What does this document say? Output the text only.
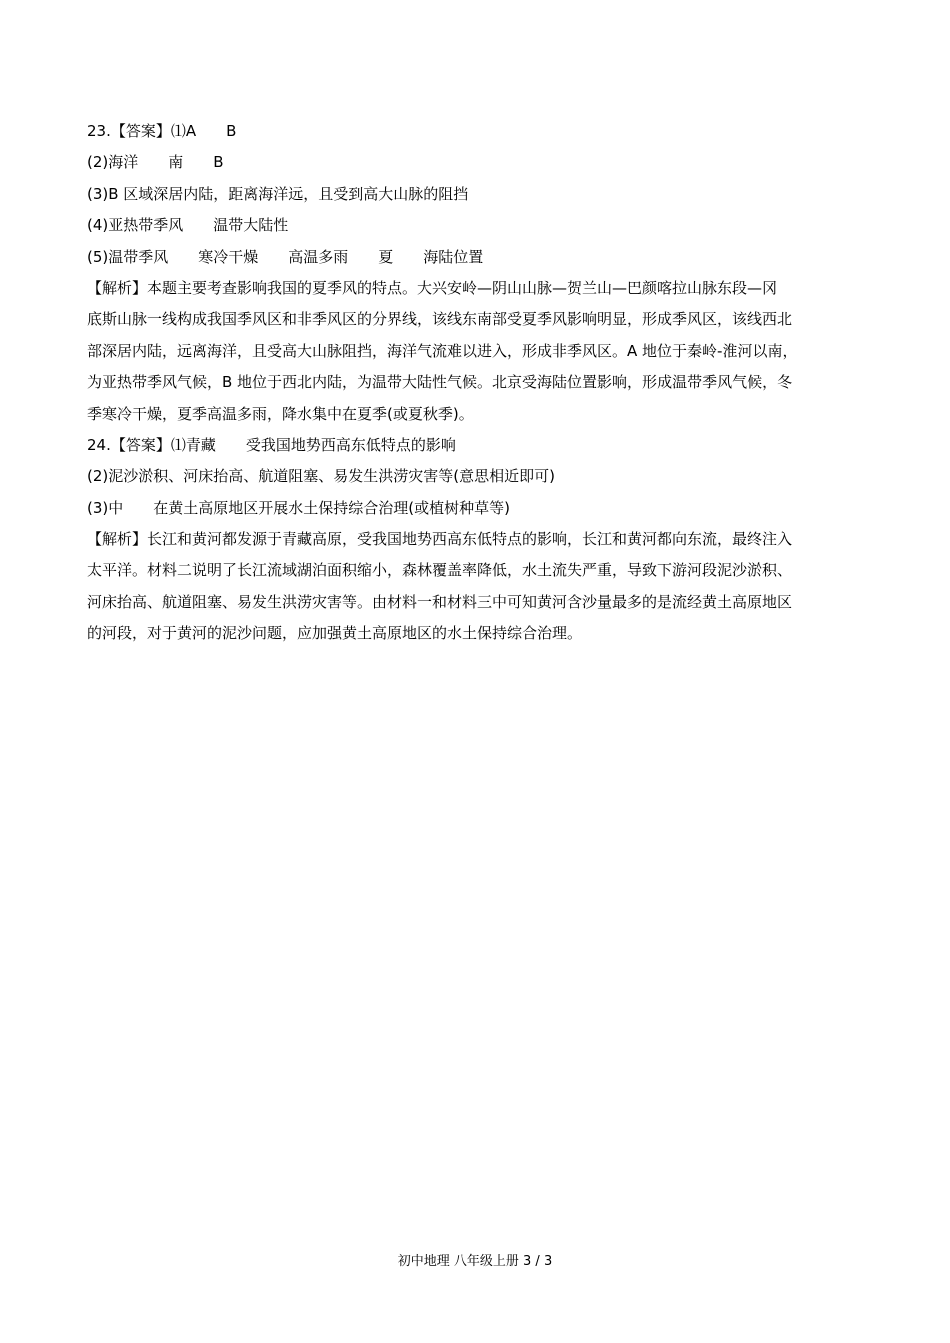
23.【答案】⑴A B
(2)海洋 南 B
(3)B 区域深居内陆，距离海洋远，且受到高大山脉的阻挡
(4)亚热带季风 温带大陆性
(5)温带季风 寒冷干燥 高温多雨 夏 海陆位置
【解析】本题主要考查影响我国的夏季风的特点。大兴安岭—阴山山脉—贺兰山—巴颜喀拉山脉东段—冈
底斯山脉一线构成我国季风区和非季风区的分界线，该线东南部受夏季风影响明显，形成季风区，该线西北
部深居内陆，远离海洋，且受高大山脉阻挡，海洋气流难以进入，形成非季风区。A 地位于秦岭-淮河以南，
为亚热带季风气候，B 地位于西北内陆，为温带大陆性气候。北京受海陆位置影响，形成温带季风气候，冬
季寒冷干燥，夏季高温多雨，降水集中在夏季(或夏秋季)。
24.【答案】⑴青藏 受我国地势西高东低特点的影响
(2)泥沙淤积、河床抬高、航道阻塞、易发生洪涝灾害等(意思相近即可)
(3)中 在黄土高原地区开展水土保持综合治理(或植树种草等)
【解析】长江和黄河都发源于青藏高原，受我国地势西高东低特点的影响，长江和黄河都向东流，最终注入
太平洋。材料二说明了长江流域湖泊面积缩小，森林覆盖率降低，水土流失严重，导致下游河段泥沙淤积、
河床抬高、航道阻塞、易发生洪涝灾害等。由材料一和材料三中可知黄河含沙量最多的是流经黄土高原地区
的河段，对于黄河的泥沙问题，应加强黄土高原地区的水土保持综合治理。
初中地理 八年级上册 3 / 3
